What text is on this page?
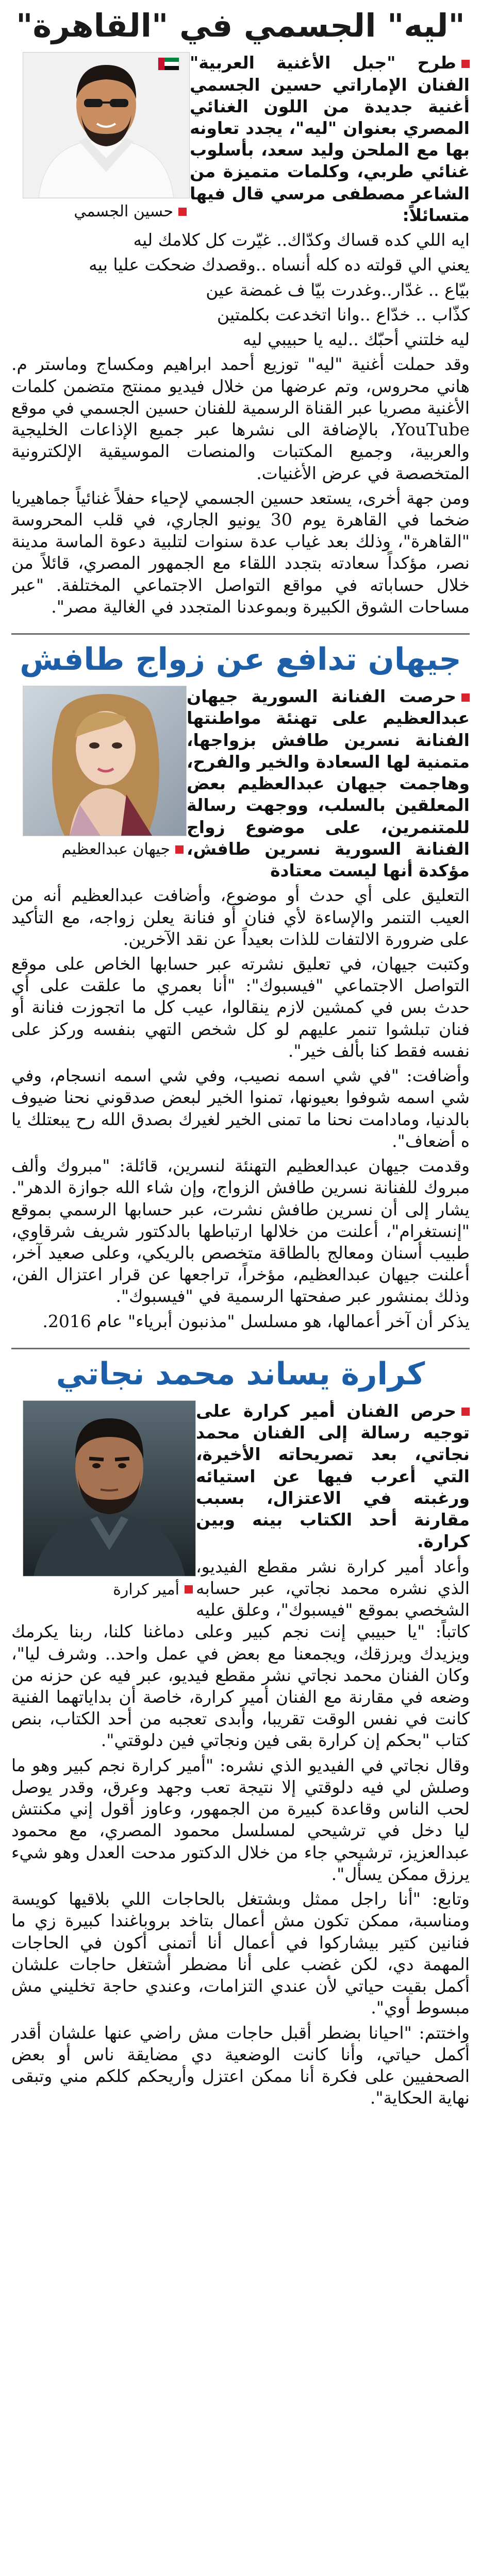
"ليه" الجسمي في "القاهرة"
حسين الجسمي

طرح "جبل الأغنية العربية" الفنان الإماراتي حسين الجسمي أغنية جديدة من اللون الغنائي المصري بعنوان "ليه"، يجدد تعاونه بها مع الملحن وليد سعد، بأسلوب غنائي طربي، وكلمات متميزة من الشاعر مصطفى مرسي قال فيها متسائلاً:

ايه اللي كده قساك وكدّاك.. غيّرت كل كلامك ليه

يعني الي قولته ده كله أنساه ..وقصدك ضحكت عليا بيه

بيّاع .. غدّار..وغدرت بيّا ف غمضة عين

كذّاب .. خدّاع ..وانا اتخدعت بكلمتين

ليه خلتني أحبّك ..ليه يا حبيبي ليه

وقد حملت أغنية "ليه" توزيع أحمد ابراهيم ومكساج وماستر م. هاني محروس، وتم عرضها من خلال فيديو ممنتج متضمن كلمات الأغنية مصريا عبر القناة الرسمية للفنان حسين الجسمي في موقع YouTube، بالإضافة الى نشرها عبر جميع الإذاعات الخليجية والعربية، وجميع المكتبات والمنصات الموسيقية الإلكترونية المتخصصة في عرض الأغنيات.

ومن جهة أخرى، يستعد حسين الجسمي لإحياء حفلاً غنائياً جماهيريا ضخما في القاهرة يوم 30 يونيو الجاري، في قلب المحروسة "القاهرة"، وذلك بعد غياب عدة سنوات لتلبية دعوة الماسة مدينة نصر، مؤكداً سعادته بتجدد اللقاء مع الجمهور المصري، قائلاً من خلال حساباته في مواقع التواصل الاجتماعي المختلفة. "عبر مساحات الشوق الكبيرة وبموعدنا المتجدد في الغالية مصر".

جيهان تدافع عن زواج طافش
جيهان عبدالعظيم

حرصت الفنانة السورية جيهان عبدالعظيم على تهنئة مواطنتها الفنانة نسرين طافش بزواجها، متمنية لها السعادة والخير والفرح، وهاجمت جيهان عبدالعظيم بعض المعلقين بالسلب، ووجهت رسالة للمتنمرين، على موضوع زواج الفنانة السورية نسرين طافش، مؤكدة أنها ليست معتادة

التعليق على أي حدث أو موضوع، وأضافت عبدالعظيم أنه من العيب التنمر والإساءة لأي فنان أو فنانة يعلن زواجه، مع التأكيد على ضرورة الالتفات للذات بعيداً عن نقد الآخرين.

وكتبت جيهان، في تعليق نشرته عبر حسابها الخاص على موقع التواصل الاجتماعي "فيسبوك": "أنا بعمري ما علقت على أي حدث بس في كمشين لازم ينقالوا، عيب كل ما اتجوزت فنانة أو فنان تبلشوا تنمر عليهم لو كل شخص التهي بنفسه وركز على نفسه فقط كنا بألف خير".

وأضافت: "في شي اسمه نصيب، وفي شي اسمه انسجام، وفي شي اسمه شوفوا بعيونها، تمنوا الخير لبعض صدقوني نحنا ضيوف بالدنيا، ومادامت نحنا ما تمنى الخير لغيرك بصدق الله رح يبعتلك يا ه أضعاف".

وقدمت جيهان عبدالعظيم التهنئة لنسرين، قائلة: "مبروك وألف مبروك للفنانة نسرين طافش الزواج، وإن شاء الله جوازة الدهر". يشار إلى أن نسرين طافش نشرت، عبر حسابها الرسمي بموقع "إنستغرام"، أعلنت من خلالها ارتباطها بالدكتور شريف شرقاوي، طبيب أسنان ومعالج بالطاقة متخصص بالريكي، وعلى صعيد آخر، أعلنت جيهان عبدالعظيم، مؤخراً، تراجعها عن قرار اعتزال الفن، وذلك بمنشور عبر صفحتها الرسمية في "فيسبوك".

يذكر أن آخر أعمالها، هو مسلسل "مذنبون أبرياء" عام 2016.

كرارة يساند محمد نجاتي
أمير كرارة

حرص الفنان أمير كرارة على توجيه رسالة إلى الفنان محمد نجاتي، بعد تصريحاته الأخيرة، التي أعرب فيها عن استيائه ورغبته في الاعتزال، بسبب مقارنة أحد الكتاب بينه وبين كرارة.

وأعاد أمير كرارة نشر مقطع الفيديو، الذي نشره محمد نجاتي، عبر حسابه الشخصي بموقع "فيسبوك"، وعلق عليه كاتباً: "يا حبيبي إنت نجم كبير وعلى دماغنا كلنا، ربنا يكرمك ويزيدك ويرزقك، ويجمعنا مع بعض في عمل واحد.. وشرف ليا"، وكان الفنان محمد نجاتي نشر مقطع فيديو، عبر فيه عن حزنه من وضعه في مقارنة مع الفنان أمير كرارة، خاصة أن بداياتهما الفنية كانت في نفس الوقت تقريبا، وأبدى تعجبه من أحد الكتاب، بنص كتاب "بحكم إن كرارة بقى فين ونجاتي فين دلوقتي".

وقال نجاتي في الفيديو الذي نشره: "أمير كرارة نجم كبير وهو ما وصلش لي فيه دلوقتي إلا نتيجة تعب وجهد وعرق، وقدر يوصل لحب الناس وقاعدة كبيرة من الجمهور، وعاوز أقول إني مكنتش ليا دخل في ترشيحي لمسلسل محمود المصري، مع محمود عبدالعزيز، ترشيحي جاء من خلال الدكتور مدحت العدل وهو شيء يرزق ممكن يسأل".

وتابع: "أنا راجل ممثل وبشتغل بالحاجات اللي بلاقيها كويسة ومناسبة، ممكن تكون مش أعمال بتاخد بروباغندا كبيرة زي ما فنانين كتير بيشاركوا في أعمال أنا أتمنى أكون في الحاجات المهمة دي، لكن غضب على أنا مضطر أشتغل حاجات علشان أكمل بقيت حياتي لأن عندي التزامات، وعندي حاجة تخليني مش مبسوط أوي".

واختتم: "احيانا بضطر أقبل حاجات مش راضي عنها علشان أقدر أكمل حياتي، وأنا كانت الوضعية دي مضايقة ناس أو بعض الصحفيين على فكرة أنا ممكن اعتزل وأريحكم كلكم مني وتبقى نهاية الحكاية".
